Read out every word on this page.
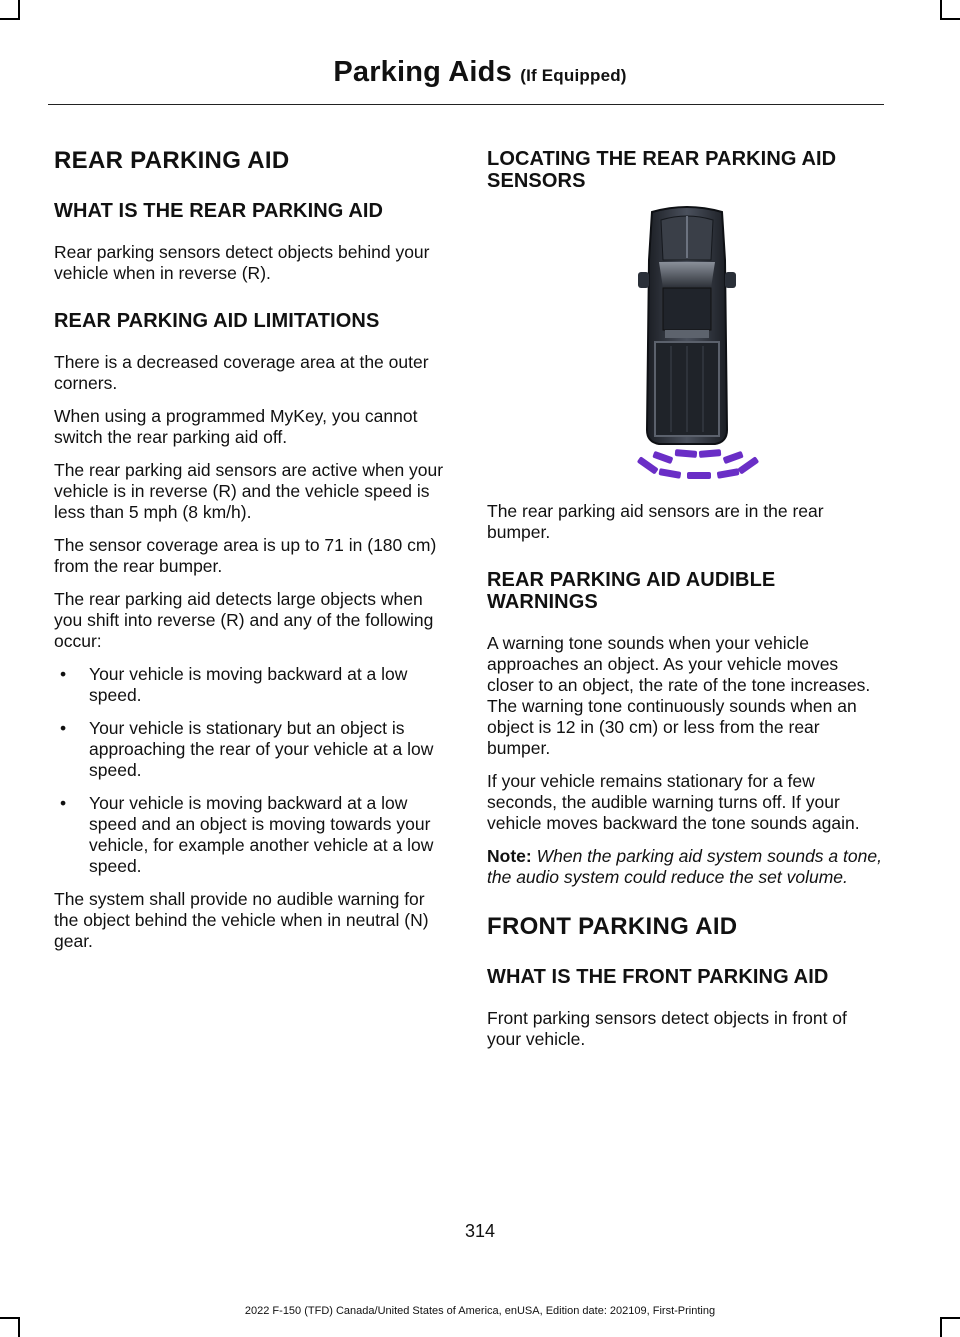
Parking Aids (If Equipped)
REAR PARKING AID
WHAT IS THE REAR PARKING AID

Rear parking sensors detect objects behind your vehicle when in reverse (R).

REAR PARKING AID LIMITATIONS

There is a decreased coverage area at the outer corners.

When using a programmed MyKey, you cannot switch the rear parking aid off.

The rear parking aid sensors are active when your vehicle is in reverse (R) and the vehicle speed is less than 5 mph (8 km/h).

The sensor coverage area is up to 71 in (180 cm) from the rear bumper.

The rear parking aid detects large objects when you shift into reverse (R) and any of the following occur:

• Your vehicle is moving backward at a low speed.
• Your vehicle is stationary but an object is approaching the rear of your vehicle at a low speed.
• Your vehicle is moving backward at a low speed and an object is moving towards your vehicle, for example another vehicle at a low speed.

The system shall provide no audible warning for the object behind the vehicle when in neutral (N) gear.

LOCATING THE REAR PARKING AID SENSORS

The rear parking aid sensors are in the rear bumper.

REAR PARKING AID AUDIBLE WARNINGS

A warning tone sounds when your vehicle approaches an object. As your vehicle moves closer to an object, the rate of the tone increases. The warning tone continuously sounds when an object is 12 in (30 cm) or less from the rear bumper.

If your vehicle remains stationary for a few seconds, the audible warning turns off. If your vehicle moves backward the tone sounds again.

Note: When the parking aid system sounds a tone, the audio system could reduce the set volume.

FRONT PARKING AID
WHAT IS THE FRONT PARKING AID

Front parking sensors detect objects in front of your vehicle.

314
2022 F-150 (TFD) Canada/United States of America, enUSA, Edition date: 202109, First-Printing
